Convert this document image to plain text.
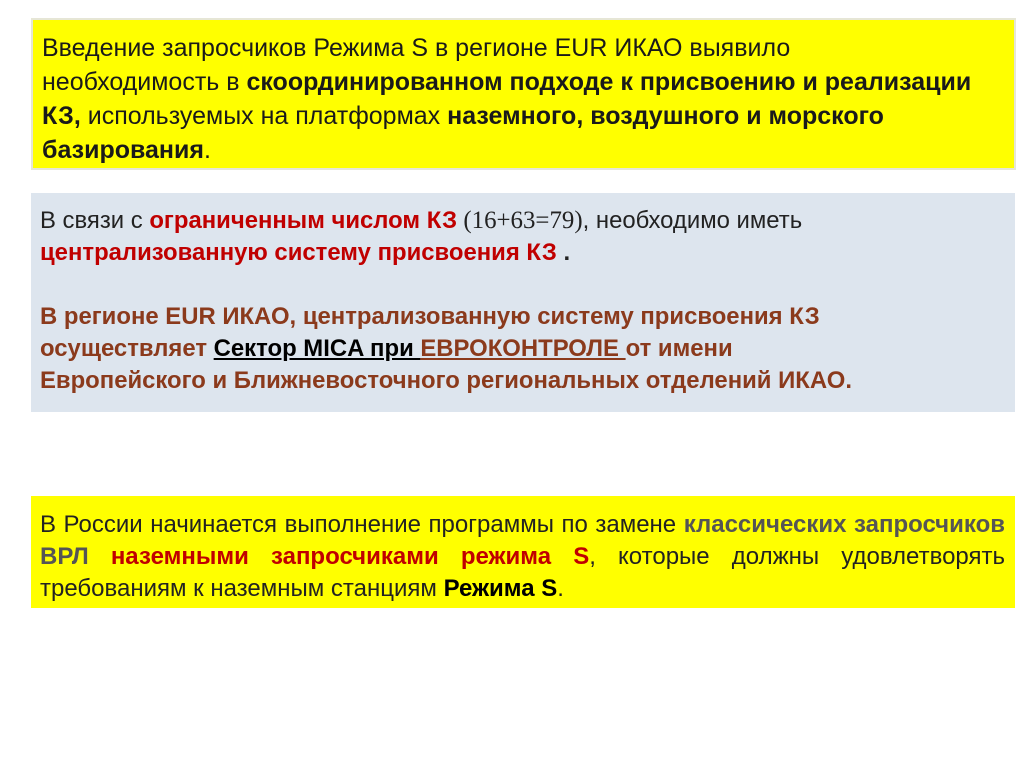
Введение запросчиков Режима S в регионе EUR ИКАО выявило
необходимость в скоординированном подходе к присвоению и реализации
КЗ, используемых на платформах наземного, воздушного и морского
базирования.
В связи с ограниченным числом КЗ (16+63=79), необходимо иметь
централизованную систему присвоения КЗ .
В регионе EUR ИКАО, централизованную систему присвоения КЗ
осуществляет Сектор MICA при ЕВРОКОНТРОЛЕ от имени
Европейского и Ближневосточного региональных отделений ИКАО.

В России начинается выполнение программы по замене классических запросчиков ВРЛ наземными запросчиками режима S, которые должны удовлетворять требованиям к наземным станциям Режима S.
